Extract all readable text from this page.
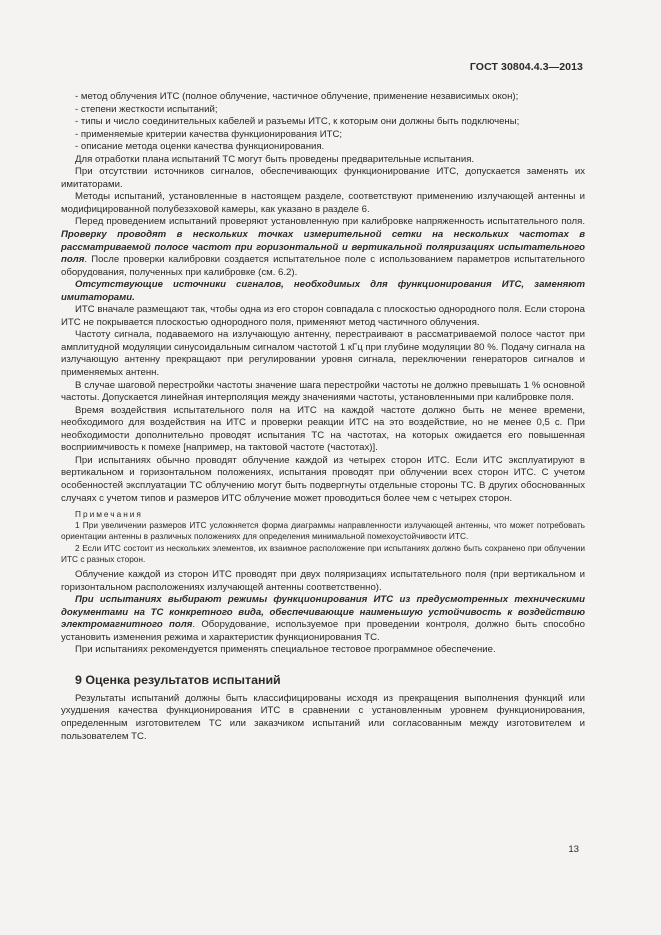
ГОСТ 30804.4.3—2013

- метод облучения ИТС (полное облучение, частичное облучение, применение независимых окон);

- степени жесткости испытаний;

- типы и число соединительных кабелей и разъемы ИТС, к которым они должны быть подключены;

- применяемые критерии качества функционирования ИТС;

- описание метода оценки качества функционирования.

Для отработки плана испытаний ТС могут быть проведены предварительные испытания.

При отсутствии источников сигналов, обеспечивающих функционирование ИТС, допускается заменять их имитаторами.

Методы испытаний, установленные в настоящем разделе, соответствуют применению излучающей антенны и модифицированной полубезэховой камеры, как указано в разделе 6.

Перед проведением испытаний проверяют установленную при калибровке напряженность испытательного поля. Проверку проводят в нескольких точках измерительной сетки на нескольких частотах в рассматриваемой полосе частот при горизонтальной и вертикальной поляризациях испытательного поля. После проверки калибровки создается испытательное поле с использованием параметров испытательного оборудования, полученных при калибровке (см. 6.2).

Отсутствующие источники сигналов, необходимых для функционирования ИТС, заменяют имитаторами.

ИТС вначале размещают так, чтобы одна из его сторон совпадала с плоскостью однородного поля. Если сторона ИТС не покрывается плоскостью однородного поля, применяют метод частичного облучения.

Частоту сигнала, подаваемого на излучающую антенну, перестраивают в рассматриваемой полосе частот при амплитудной модуляции синусоидальным сигналом частотой 1 кГц при глубине модуляции 80 %. Подачу сигнала на излучающую антенну прекращают при регулировании уровня сигнала, переключении генераторов сигналов и применяемых антенн.

В случае шаговой перестройки частоты значение шага перестройки частоты не должно превышать 1 % основной частоты. Допускается линейная интерполяция между значениями частоты, установленными при калибровке поля.

Время воздействия испытательного поля на ИТС на каждой частоте должно быть не менее времени, необходимого для воздействия на ИТС и проверки реакции ИТС на это воздействие, но не менее 0,5 с. При необходимости дополнительно проводят испытания ТС на частотах, на которых ожидается его повышенная восприимчивость к помехе [например, на тактовой частоте (частотах)].

При испытаниях обычно проводят облучение каждой из четырех сторон ИТС. Если ИТС эксплуатируют в вертикальном и горизонтальном положениях, испытания проводят при облучении всех сторон ИТС. С учетом особенностей эксплуатации ТС облучению могут быть подвергнуты отдельные стороны ТС. В других обоснованных случаях с учетом типов и размеров ИТС облучение может проводиться более чем с четырех сторон.

Примечания

1 При увеличении размеров ИТС усложняется форма диаграммы направленности излучающей антенны, что может потребовать ориентации антенны в различных положениях для определения минимальной помехоустойчивости ИТС.

2 Если ИТС состоит из нескольких элементов, их взаимное расположение при испытаниях должно быть сохранено при облучении ИТС с разных сторон.

Облучение каждой из сторон ИТС проводят при двух поляризациях испытательного поля (при вертикальном и горизонтальном расположениях излучающей антенны соответственно).

При испытаниях выбирают режимы функционирования ИТС из предусмотренных техническими документами на ТС конкретного вида, обеспечивающие наименьшую устойчивость к воздействию электромагнитного поля. Оборудование, используемое при проведении контроля, должно быть способно установить изменения режима и характеристик функционирования ТС.

При испытаниях рекомендуется применять специальное тестовое программное обеспечение.

9 Оценка результатов испытаний

Результаты испытаний должны быть классифицированы исходя из прекращения выполнения функций или ухудшения качества функционирования ИТС в сравнении с установленным уровнем функционирования, определенным изготовителем ТС или заказчиком испытаний или согласованным между изготовителем и пользователем ТС.

13
